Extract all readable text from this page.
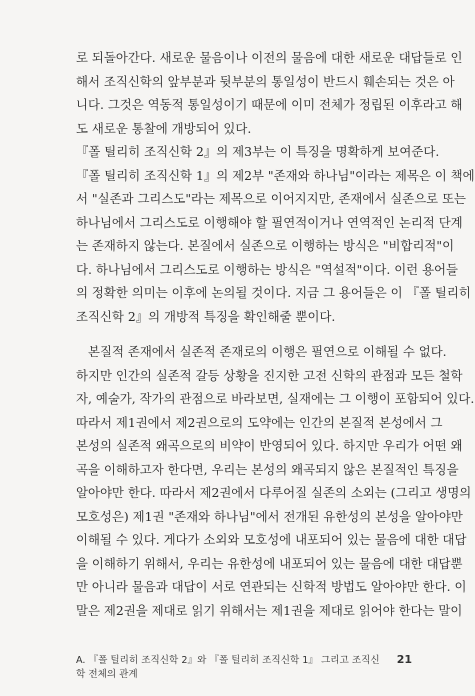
로 되돌아간다. 새로운 물음이나 이전의 물음에 대한 새로운 대답들로 인
해서 조직신학의 앞부분과 뒷부분의 통일성이 반드시 훼손되는 것은 아
니다. 그것은 역동적 통일성이기 때문에 이미 전체가 정립된 이후라고 해
도 새로운 통찰에 개방되어 있다.
『폴 틸리히 조직신학 2』의 제3부는 이 특징을 명확하게 보여준다.
『폴 틸리히 조직신학 1』의 제2부 "존재와 하나님"이라는 제목은 이 책에
서 "실존과 그리스도"라는 제목으로 이어지지만, 존재에서 실존으로 또는
하나님에서 그리스도로 이행해야 할 필연적이거나 연역적인 논리적 단계
는 존재하지 않는다. 본질에서 실존으로 이행하는 방식은 "비합리적"이
다. 하나님에서 그리스도로 이행하는 방식은 "역설적"이다. 이런 용어들
의 정확한 의미는 이후에 논의될 것이다. 지금 그 용어들은 이 『폴 틸리히
조직신학 2』의 개방적 특징을 확인해줄 뿐이다.
본질적 존재에서 실존적 존재로의 이행은 필연으로 이해될 수 없다.
하지만 인간의 실존적 갈등 상황을 진지한 고전 신학의 관점과 모든 철학
자, 예술가, 작가의 관점으로 바라보면, 실재에는 그 이행이 포함되어 있다.
따라서 제1권에서 제2권으로의 도약에는 인간의 본질적 본성에서 그
본성의 실존적 왜곡으로의 비약이 반영되어 있다. 하지만 우리가 어떤 왜
곡을 이해하고자 한다면, 우리는 본성의 왜곡되지 않은 본질적인 특징을
알아야만 한다. 따라서 제2권에서 다루어질 실존의 소외는 (그리고 생명의
모호성은) 제1권 "존재와 하나님"에서 전개된 유한성의 본성을 알아야만
이해될 수 있다. 게다가 소외와 모호성에 내포되어 있는 물음에 대한 대답
을 이해하기 위해서, 우리는 유한성에 내포되어 있는 물음에 대한 대답뿐
만 아니라 물음과 대답이 서로 연관되는 신학적 방법도 알아야만 한다. 이
말은 제2권을 제대로 읽기 위해서는 제1권을 제대로 읽어야 한다는 말이
A. 『폴 틸리히 조직신학 2』와 『폴 틸리히 조직신학 1』 그리고 조직신학 전체의 관계
21
